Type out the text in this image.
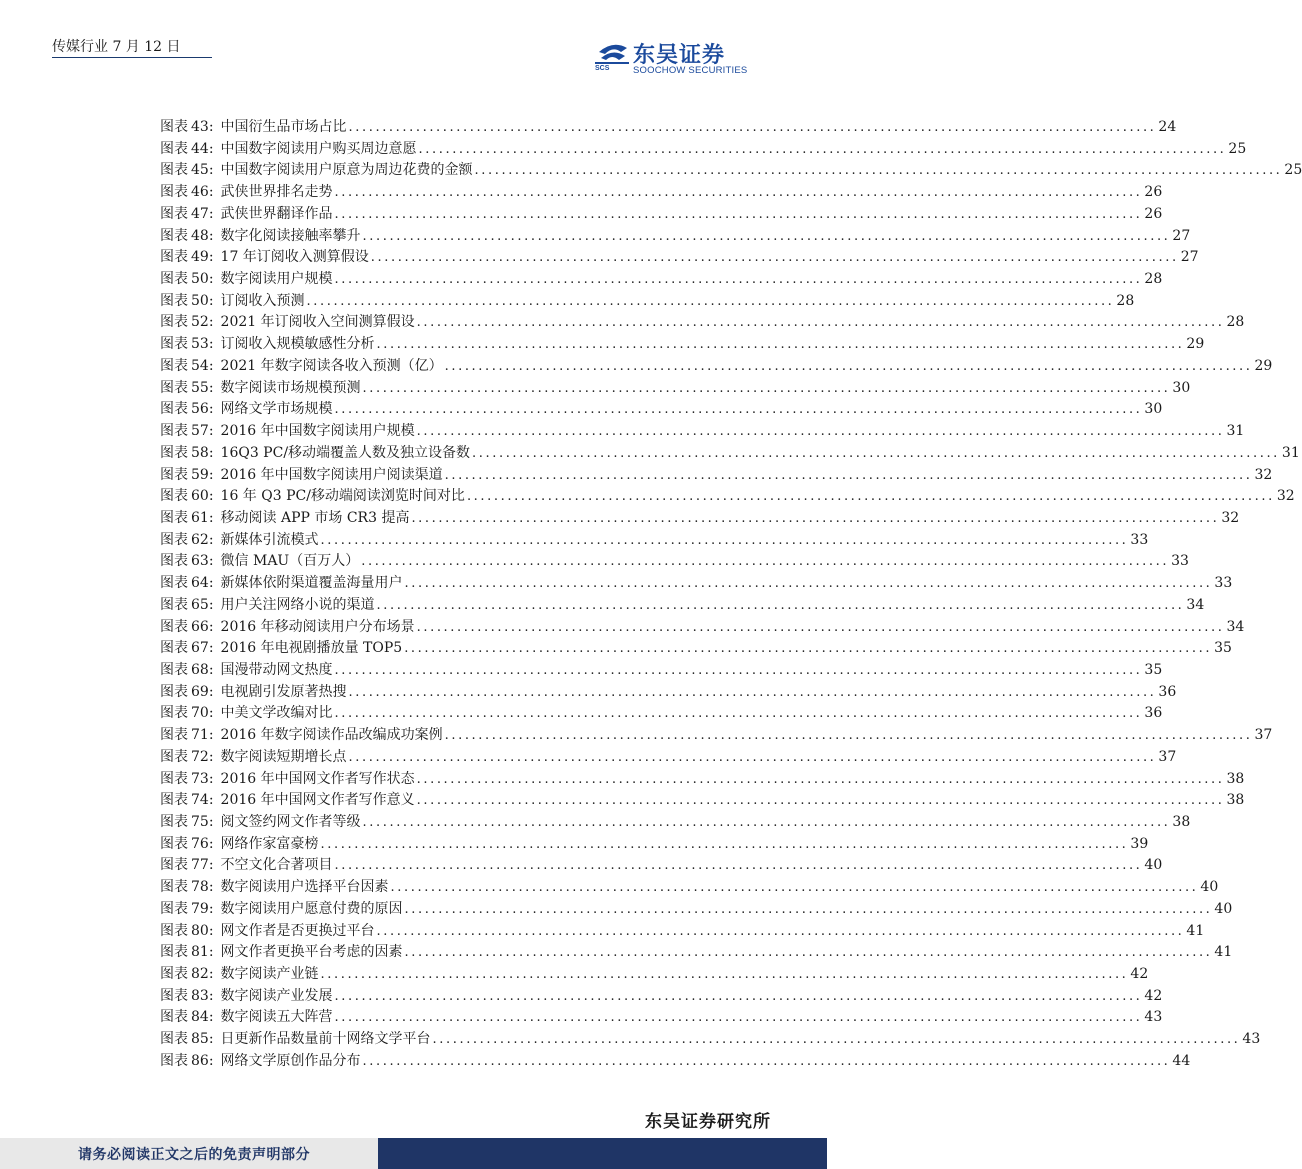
传媒行业 7 月 12 日
SCS
东吴证券
SOOCHOW SECURITIES
图表 43: 中国衍生品市场占比 ........................................................................................................................ 24
图表 44: 中国数字阅读用户购买周边意愿 ........................................................................................................................ 25
图表 45: 中国数字阅读用户原意为周边花费的金额 ........................................................................................................................ 25
图表 46: 武侠世界排名走势 ........................................................................................................................ 26
图表 47: 武侠世界翻译作品 ........................................................................................................................ 26
图表 48: 数字化阅读接触率攀升 ........................................................................................................................ 27
图表 49: 17 年订阅收入测算假设 ........................................................................................................................ 27
图表 50: 数字阅读用户规模 ........................................................................................................................ 28
图表 50: 订阅收入预测 ........................................................................................................................ 28
图表 52: 2021 年订阅收入空间测算假设 ........................................................................................................................ 28
图表 53: 订阅收入规模敏感性分析 ........................................................................................................................ 29
图表 54: 2021 年数字阅读各收入预测（亿） ........................................................................................................................ 29
图表 55: 数字阅读市场规模预测 ........................................................................................................................ 30
图表 56: 网络文学市场规模 ........................................................................................................................ 30
图表 57: 2016 年中国数字阅读用户规模 ........................................................................................................................ 31
图表 58: 16Q3 PC/移动端覆盖人数及独立设备数 ........................................................................................................................ 31
图表 59: 2016 年中国数字阅读用户阅读渠道 ........................................................................................................................ 32
图表 60: 16 年 Q3 PC/移动端阅读浏览时间对比 ........................................................................................................................ 32
图表 61: 移动阅读 APP 市场 CR3 提高 ........................................................................................................................ 32
图表 62: 新媒体引流模式 ........................................................................................................................ 33
图表 63: 微信 MAU（百万人） ........................................................................................................................ 33
图表 64: 新媒体依附渠道覆盖海量用户 ........................................................................................................................ 33
图表 65: 用户关注网络小说的渠道 ........................................................................................................................ 34
图表 66: 2016 年移动阅读用户分布场景 ........................................................................................................................ 34
图表 67: 2016 年电视剧播放量 TOP5 ........................................................................................................................ 35
图表 68: 国漫带动网文热度 ........................................................................................................................ 35
图表 69: 电视剧引发原著热搜 ........................................................................................................................ 36
图表 70: 中美文学改编对比 ........................................................................................................................ 36
图表 71: 2016 年数字阅读作品改编成功案例 ........................................................................................................................ 37
图表 72: 数字阅读短期增长点 ........................................................................................................................ 37
图表 73: 2016 年中国网文作者写作状态 ........................................................................................................................ 38
图表 74: 2016 年中国网文作者写作意义 ........................................................................................................................ 38
图表 75: 阅文签约网文作者等级 ........................................................................................................................ 38
图表 76: 网络作家富豪榜 ........................................................................................................................ 39
图表 77: 不空文化合著项目 ........................................................................................................................ 40
图表 78: 数字阅读用户选择平台因素 ........................................................................................................................ 40
图表 79: 数字阅读用户愿意付费的原因 ........................................................................................................................ 40
图表 80: 网文作者是否更换过平台 ........................................................................................................................ 41
图表 81: 网文作者更换平台考虑的因素 ........................................................................................................................ 41
图表 82: 数字阅读产业链 ........................................................................................................................ 42
图表 83: 数字阅读产业发展 ........................................................................................................................ 42
图表 84: 数字阅读五大阵营 ........................................................................................................................ 43
图表 85: 日更新作品数量前十网络文学平台 ........................................................................................................................ 43
图表 86: 网络文学原创作品分布 ........................................................................................................................ 44
东吴证券研究所
请务必阅读正文之后的免责声明部分
